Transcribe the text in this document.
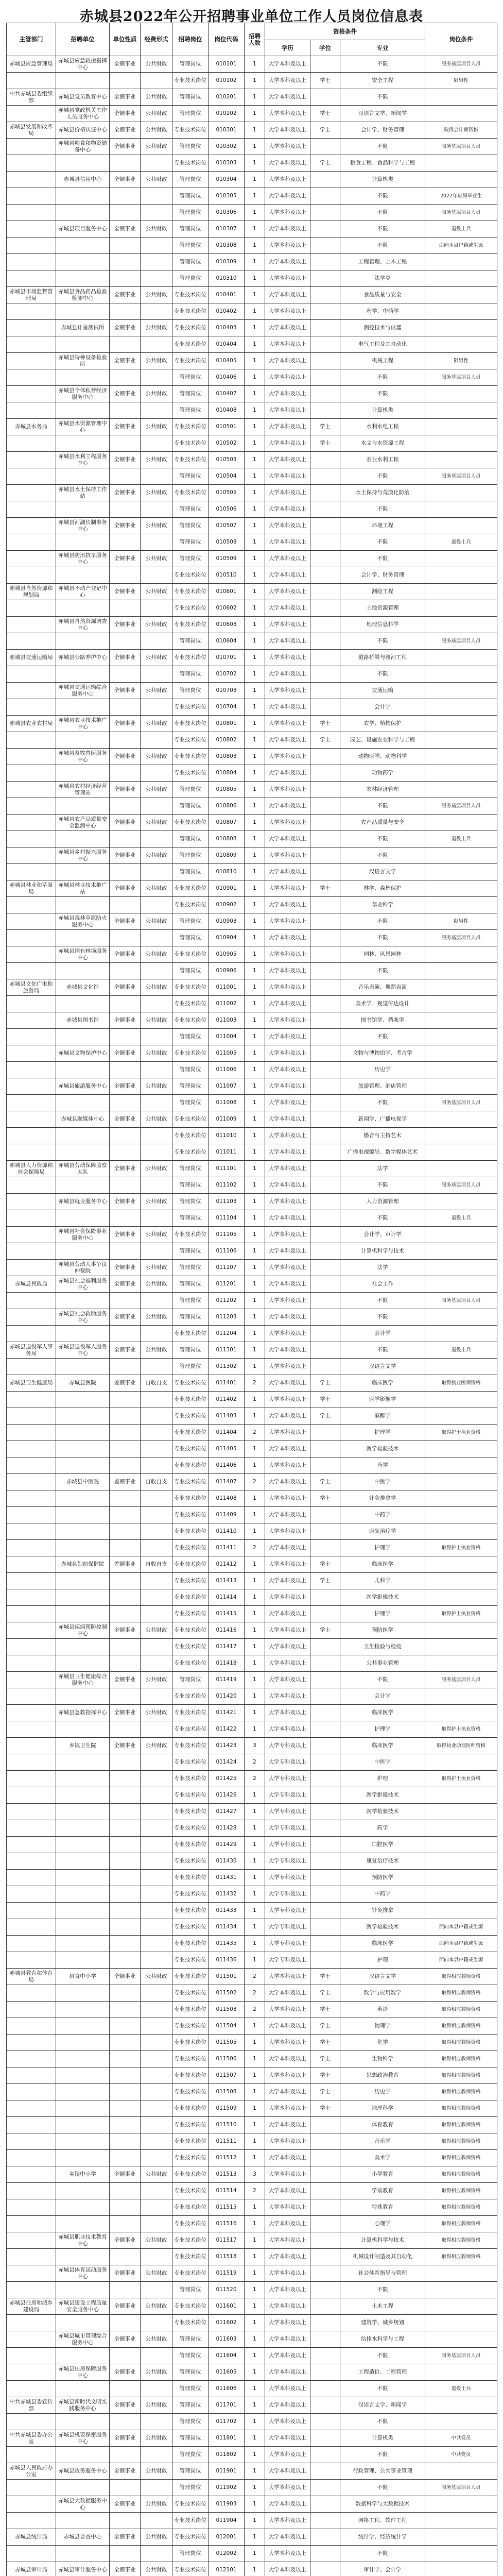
赤城县2022年公开招聘事业单位工作人员岗位信息表
主管部门	招聘单位	单位性质	经费形式	招聘岗位	岗位代码	招聘人数	资格条件			岗位条件
							学历	学位	专业	
赤城县应急管理局	赤城县应急救援指挥中心	全额事业	公共财政	管理岗位	010101	1	大学本科及以上		不限	服务基层项目人员
				专业技术岗位	010102	1	大学本科及以上	学士	安全工程	限男性
中共赤城县委组织部	赤城县党员教育中心	全额事业	公共财政	管理岗位	010201	1	大学本科及以上		不限	
	赤城县党政机关工作人员服务中心	全额事业	公共财政	管理岗位	010202	1	大学本科及以上	学士	汉语言文学、新闻学	
赤城县发展和改革局	赤城县价格认证中心	全额事业	公共财政	专业技术岗位	010301	1	大学本科及以上	学士	会计学、财务管理	取得会计师资格
	赤城县粮食和物资储备中心	全额事业	公共财政	管理岗位	010302	1	大学本科及以上		不限	服务基层项目人员
				专业技术岗位	010303	1	大学本科及以上	学士	粮食工程、食品科学与工程	
	赤城县信用中心	全额事业	公共财政	管理岗位	010304	1	大学本科及以上		计算机类	
				管理岗位	010305	1	大学本科及以上		不限	2022年应届毕业生
				管理岗位	010306	1	大学本科及以上		不限	服务基层项目人员
	赤城县项目服务中心	全额事业	公共财政	管理岗位	010307	1	大学本科及以上		不限	退役士兵
				管理岗位	010308	1	大学本科及以上		不限	面向本县户籍或生源
				管理岗位	010309	1	大学本科及以上		工程管理、土木工程	
				管理岗位	010310	1	大学本科及以上		法学类	
赤城县市场监督管理局	赤城县食品药品检验检测中心	全额事业	公共财政	专业技术岗位	010401	1	大学本科及以上		食品质量与安全	
				专业技术岗位	010402	1	大学本科及以上		药学、中药学	
	赤城县计量测试所	全额事业	公共财政	专业技术岗位	010403	1	大学本科及以上		测控技术与仪器	
				专业技术岗位	010404	1	大学本科及以上		电气工程及其自动化	
	赤城县特种设备检验所	全额事业	公共财政	专业技术岗位	010405	1	大学本科及以上		机械工程	限男性
				管理岗位	010406	1	大学本科及以上		不限	服务基层项目人员
	赤城县个体私营经济服务中心	全额事业	公共财政	管理岗位	010407	1	大学本科及以上		不限	
				管理岗位	010408	1	大学本科及以上		计算机类	
赤城县水务局	赤城县水资源管理中心	全额事业	公共财政	专业技术岗位	010501	1	大学本科及以上	学士	水利水电工程	
				专业技术岗位	010502	1	大学本科及以上	学士	水文与水资源工程	
	赤城县水利工程服务中心	全额事业	公共财政	专业技术岗位	010503	1	大学本科及以上		农业水利工程	
				管理岗位	010504	1	大学本科及以上		不限	服务基层项目人员
	赤城县水土保持工作站	全额事业	公共财政	专业技术岗位	010505	1	大学本科及以上		水土保持与荒漠化防治	
				管理岗位	010506	1	大学本科及以上		不限	
	赤城县河湖长制事务中心	全额事业	公共财政	管理岗位	010507	1	大学本科及以上		环境工程	
				管理岗位	010508	1	大学本科及以上		不限	退役士兵
	赤城县防汛抗旱服务中心	全额事业	公共财政	管理岗位	010509	1	大学本科及以上		不限	
				专业技术岗位	010510	1	大学本科及以上		会计学、财务管理	
赤城县自然资源和规划局	赤城县不动产登记中心	全额事业	公共财政	专业技术岗位	010601	1	大学本科及以上		测绘工程	
				专业技术岗位	010602	1	大学本科及以上		土地资源管理	
	赤城县自然资源调查中心	全额事业	公共财政	专业技术岗位	010603	1	大学本科及以上		地理信息科学	
				管理岗位	010604	1	大学本科及以上		不限	服务基层项目人员
赤城县交通运输局	赤城县公路养护中心	全额事业	公共财政	专业技术岗位	010701	1	大学本科及以上		道路桥梁与渡河工程	
				管理岗位	010702	1	大学本科及以上		不限	
	赤城县交通运输综合服务中心	全额事业	公共财政	管理岗位	010703	1	大学本科及以上		交通运输	
				专业技术岗位	010704	1	大学本科及以上		会计学	
赤城县农业农村局	赤城县农业技术推广中心	全额事业	公共财政	专业技术岗位	010801	1	大学本科及以上	学士	农学、植物保护	
				专业技术岗位	010802	1	大学本科及以上	学士	园艺、设施农业科学与工程	
	赤城县畜牧兽医服务中心	全额事业	公共财政	专业技术岗位	010803	1	大学本科及以上		动物医学、动物科学	
				专业技术岗位	010804	1	大学本科及以上		动物药学	
	赤城县农村经济经营管理站	全额事业	公共财政	管理岗位	010805	1	大学本科及以上		农林经济管理	
				管理岗位	010806	1	大学本科及以上		不限	服务基层项目人员
	赤城县农产品质量安全监测中心	全额事业	公共财政	专业技术岗位	010807	1	大学本科及以上		农产品质量与安全	
				管理岗位	010808	1	大学本科及以上		不限	退役士兵
	赤城县乡村振兴服务中心	全额事业	公共财政	管理岗位	010809	1	大学本科及以上		不限	
				管理岗位	010810	1	大学本科及以上		汉语言文学	
赤城县林业和草原局	赤城县林业技术推广站	全额事业	公共财政	专业技术岗位	010901	1	大学本科及以上	学士	林学、森林保护	
				专业技术岗位	010902	1	大学本科及以上		草业科学	
	赤城县森林草原防火服务中心	全额事业	公共财政	管理岗位	010903	1	大学本科及以上		不限	限男性
				管理岗位	010904	1	大学本科及以上		不限	服务基层项目人员
	赤城县国有林场服务中心	全额事业	公共财政	专业技术岗位	010905	1	大学本科及以上		园林、风景园林	
				管理岗位	010906	1	大学本科及以上		不限	
赤城县文化广电和旅游局	赤城县文化馆	全额事业	公共财政	专业技术岗位	011001	1	大学本科及以上		音乐表演、舞蹈表演	
				专业技术岗位	011002	1	大学本科及以上		美术学、视觉传达设计	
	赤城县图书馆	全额事业	公共财政	专业技术岗位	011003	1	大学本科及以上		图书馆学、档案学	
				管理岗位	011004	1	大学本科及以上		不限	
	赤城县文物保护中心	全额事业	公共财政	专业技术岗位	011005	1	大学本科及以上		文物与博物馆学、考古学	
				管理岗位	011006	1	大学本科及以上		历史学	
	赤城县旅游服务中心	全额事业	公共财政	管理岗位	011007	1	大学本科及以上		旅游管理、酒店管理	
				管理岗位	011008	1	大学本科及以上		不限	服务基层项目人员
	赤城县融媒体中心	全额事业	公共财政	专业技术岗位	011009	1	大学本科及以上		新闻学、广播电视学	
				专业技术岗位	011010	1	大学本科及以上		播音与主持艺术	
				专业技术岗位	011011	1	大学本科及以上		广播电视编导、数字媒体艺术	
赤城县人力资源和社会保障局	赤城县劳动保障监察大队	全额事业	公共财政	管理岗位	011101	1	大学本科及以上		法学	
				管理岗位	011102	1	大学本科及以上		不限	服务基层项目人员
	赤城县就业服务中心	全额事业	公共财政	管理岗位	011103	1	大学本科及以上		人力资源管理	
				管理岗位	011104	1	大学本科及以上		不限	退役士兵
	赤城县社会保险事业服务中心	全额事业	公共财政	专业技术岗位	011105	1	大学本科及以上		会计学、审计学	
				管理岗位	011106	1	大学本科及以上		计算机科学与技术	
	赤城县劳动人事争议仲裁院	全额事业	公共财政	管理岗位	011107	1	大学本科及以上		法学	
赤城县民政局	赤城县社会福利服务中心	全额事业	公共财政	管理岗位	011201	1	大学本科及以上		社会工作	
				管理岗位	011202	1	大学本科及以上		不限	服务基层项目人员
	赤城县社会救助服务中心	全额事业	公共财政	管理岗位	011203	1	大学本科及以上		不限	
				专业技术岗位	011204	1	大学本科及以上		会计学	
赤城县退役军人事务局	赤城县退役军人服务中心	全额事业	公共财政	管理岗位	011301	1	大学本科及以上		不限	退役士兵
				管理岗位	011302	1	大学本科及以上		汉语言文学	
赤城县卫生健康局	赤城县医院	差额事业	自收自支	专业技术岗位	011401	2	大学本科及以上	学士	临床医学	取得执业医师资格
				专业技术岗位	011402	1	大学本科及以上	学士	医学影像学	
				专业技术岗位	011403	1	大学本科及以上	学士	麻醉学	
				专业技术岗位	011404	2	大学本科及以上		护理学	取得护士执业资格
				专业技术岗位	011405	1	大学本科及以上		医学检验技术	
				专业技术岗位	011406	1	大学本科及以上		药学	
	赤城县中医院	差额事业	自收自支	专业技术岗位	011407	2	大学本科及以上	学士	中医学	
				专业技术岗位	011408	1	大学本科及以上	学士	针灸推拿学	
				专业技术岗位	011409	1	大学本科及以上		中药学	
				专业技术岗位	011410	1	大学本科及以上		康复治疗学	
				专业技术岗位	011411	2	大学本科及以上		护理学	取得护士执业资格
	赤城县妇幼保健院	差额事业	自收自支	专业技术岗位	011412	1	大学本科及以上	学士	临床医学	
				专业技术岗位	011413	1	大学本科及以上	学士	儿科学	
				专业技术岗位	011414	1	大学本科及以上		医学影像技术	
				专业技术岗位	011415	1	大学本科及以上		护理学	取得护士执业资格
	赤城县疾病预防控制中心	全额事业	公共财政	专业技术岗位	011416	1	大学本科及以上	学士	预防医学	
				专业技术岗位	011417	1	大学本科及以上		卫生检验与检疫	
				专业技术岗位	011418	1	大学本科及以上		公共事业管理	
	赤城县卫生健康综合服务中心	全额事业	公共财政	管理岗位	011419	1	大学本科及以上		不限	服务基层项目人员
				专业技术岗位	011420	1	大学本科及以上		会计学	
	赤城县急救指挥中心	全额事业	公共财政	专业技术岗位	011421	1	大学本科及以上		临床医学	
				专业技术岗位	011422	1	大学本科及以上		护理学	取得护士执业资格
	乡镇卫生院	全额事业	公共财政	专业技术岗位	011423	3	大学专科及以上		临床医学	取得执业助理医师资格
				专业技术岗位	011424	2	大学专科及以上		中医学	
				专业技术岗位	011425	2	大学专科及以上		护理	取得护士执业资格
				专业技术岗位	011426	1	大学专科及以上		医学影像技术	
				专业技术岗位	011427	1	大学专科及以上		医学检验技术	
				专业技术岗位	011428	1	大学专科及以上		药学	
				专业技术岗位	011429	1	大学专科及以上		口腔医学	
				专业技术岗位	011430	1	大学专科及以上		康复治疗技术	
				专业技术岗位	011431	1	大学专科及以上		预防医学	
				专业技术岗位	011432	1	大学专科及以上		中药学	
				专业技术岗位	011433	1	大学专科及以上		针灸推拿	
				专业技术岗位	011434	1	大学专科及以上		医学检验技术	面向本县户籍或生源
				专业技术岗位	011435	1	大学专科及以上		临床医学	面向本县户籍或生源
				专业技术岗位	011436	1	大学专科及以上		护理	面向本县户籍或生源
赤城县教育和体育局	县直中小学	全额事业	公共财政	专业技术岗位	011501	2	大学本科及以上	学士	汉语言文学	取得相应教师资格
				专业技术岗位	011502	2	大学本科及以上	学士	数学与应用数学	取得相应教师资格
				专业技术岗位	011503	2	大学本科及以上	学士	英语	取得相应教师资格
				专业技术岗位	011504	1	大学本科及以上	学士	物理学	取得相应教师资格
				专业技术岗位	011505	1	大学本科及以上	学士	化学	取得相应教师资格
				专业技术岗位	011506	1	大学本科及以上	学士	生物科学	取得相应教师资格
				专业技术岗位	011507	1	大学本科及以上	学士	思想政治教育	取得相应教师资格
				专业技术岗位	011508	1	大学本科及以上	学士	历史学	取得相应教师资格
				专业技术岗位	011509	1	大学本科及以上	学士	地理科学	取得相应教师资格
				专业技术岗位	011510	1	大学本科及以上		体育教育	取得相应教师资格
				专业技术岗位	011511	1	大学本科及以上		音乐学	取得相应教师资格
				专业技术岗位	011512	1	大学本科及以上		美术学	取得相应教师资格
	乡镇中小学	全额事业	公共财政	专业技术岗位	011513	3	大学本科及以上		小学教育	取得相应教师资格
				专业技术岗位	011514	2	大学本科及以上		学前教育	取得相应教师资格
				专业技术岗位	011515	1	大学本科及以上		特殊教育	取得相应教师资格
				专业技术岗位	011516	1	大学本科及以上		心理学	取得相应教师资格
	赤城县职业技术教育中心	全额事业	公共财政	专业技术岗位	011517	1	大学本科及以上		计算机科学与技术	取得相应教师资格
				专业技术岗位	011518	1	大学本科及以上		机械设计制造及其自动化	取得相应教师资格
	赤城县体育运动服务中心	全额事业	公共财政	专业技术岗位	011519	1	大学本科及以上		社会体育指导与管理	
				管理岗位	011520	1	大学本科及以上		不限	
赤城县住房和城乡建设局	赤城县建设工程质量安全服务中心	全额事业	公共财政	专业技术岗位	011601	1	大学本科及以上		土木工程	
				专业技术岗位	011602	1	大学本科及以上		建筑学、城乡规划	
	赤城县城市管理综合服务中心	全额事业	公共财政	管理岗位	011603	1	大学本科及以上		给排水科学与工程	
				管理岗位	011604	1	大学本科及以上		不限	服务基层项目人员
	赤城县住房保障服务中心	全额事业	公共财政	管理岗位	011605	1	大学本科及以上		工程造价、工程管理	
				管理岗位	011606	1	大学本科及以上		不限	退役士兵
中共赤城县委宣传部	赤城县新时代文明实践服务中心	全额事业	公共财政	管理岗位	011701	1	大学本科及以上		汉语言文学、新闻学	
				管理岗位	011702	1	大学本科及以上		不限	
中共赤城县委办公室	赤城县机要保密服务中心	全额事业	公共财政	管理岗位	011801	1	大学本科及以上		计算机类	中共党员
				管理岗位	011802	1	大学本科及以上		不限	中共党员
赤城县人民政府办公室	赤城县政务服务中心	全额事业	公共财政	管理岗位	011901	1	大学本科及以上		行政管理、公共事业管理	
				管理岗位	011902	1	大学本科及以上		不限	服务基层项目人员
	赤城县大数据服务中心	全额事业	公共财政	专业技术岗位	011903	1	大学本科及以上		数据科学与大数据技术	
				专业技术岗位	011904	1	大学本科及以上		网络工程、软件工程	
赤城县统计局	赤城县普查中心	全额事业	公共财政	专业技术岗位	012001	1	大学本科及以上		统计学、经济统计学	
				管理岗位	012002	1	大学本科及以上		不限	
赤城县审计局	赤城县审计服务中心	全额事业	公共财政	专业技术岗位	012101	1	大学本科及以上		审计学、会计学	
